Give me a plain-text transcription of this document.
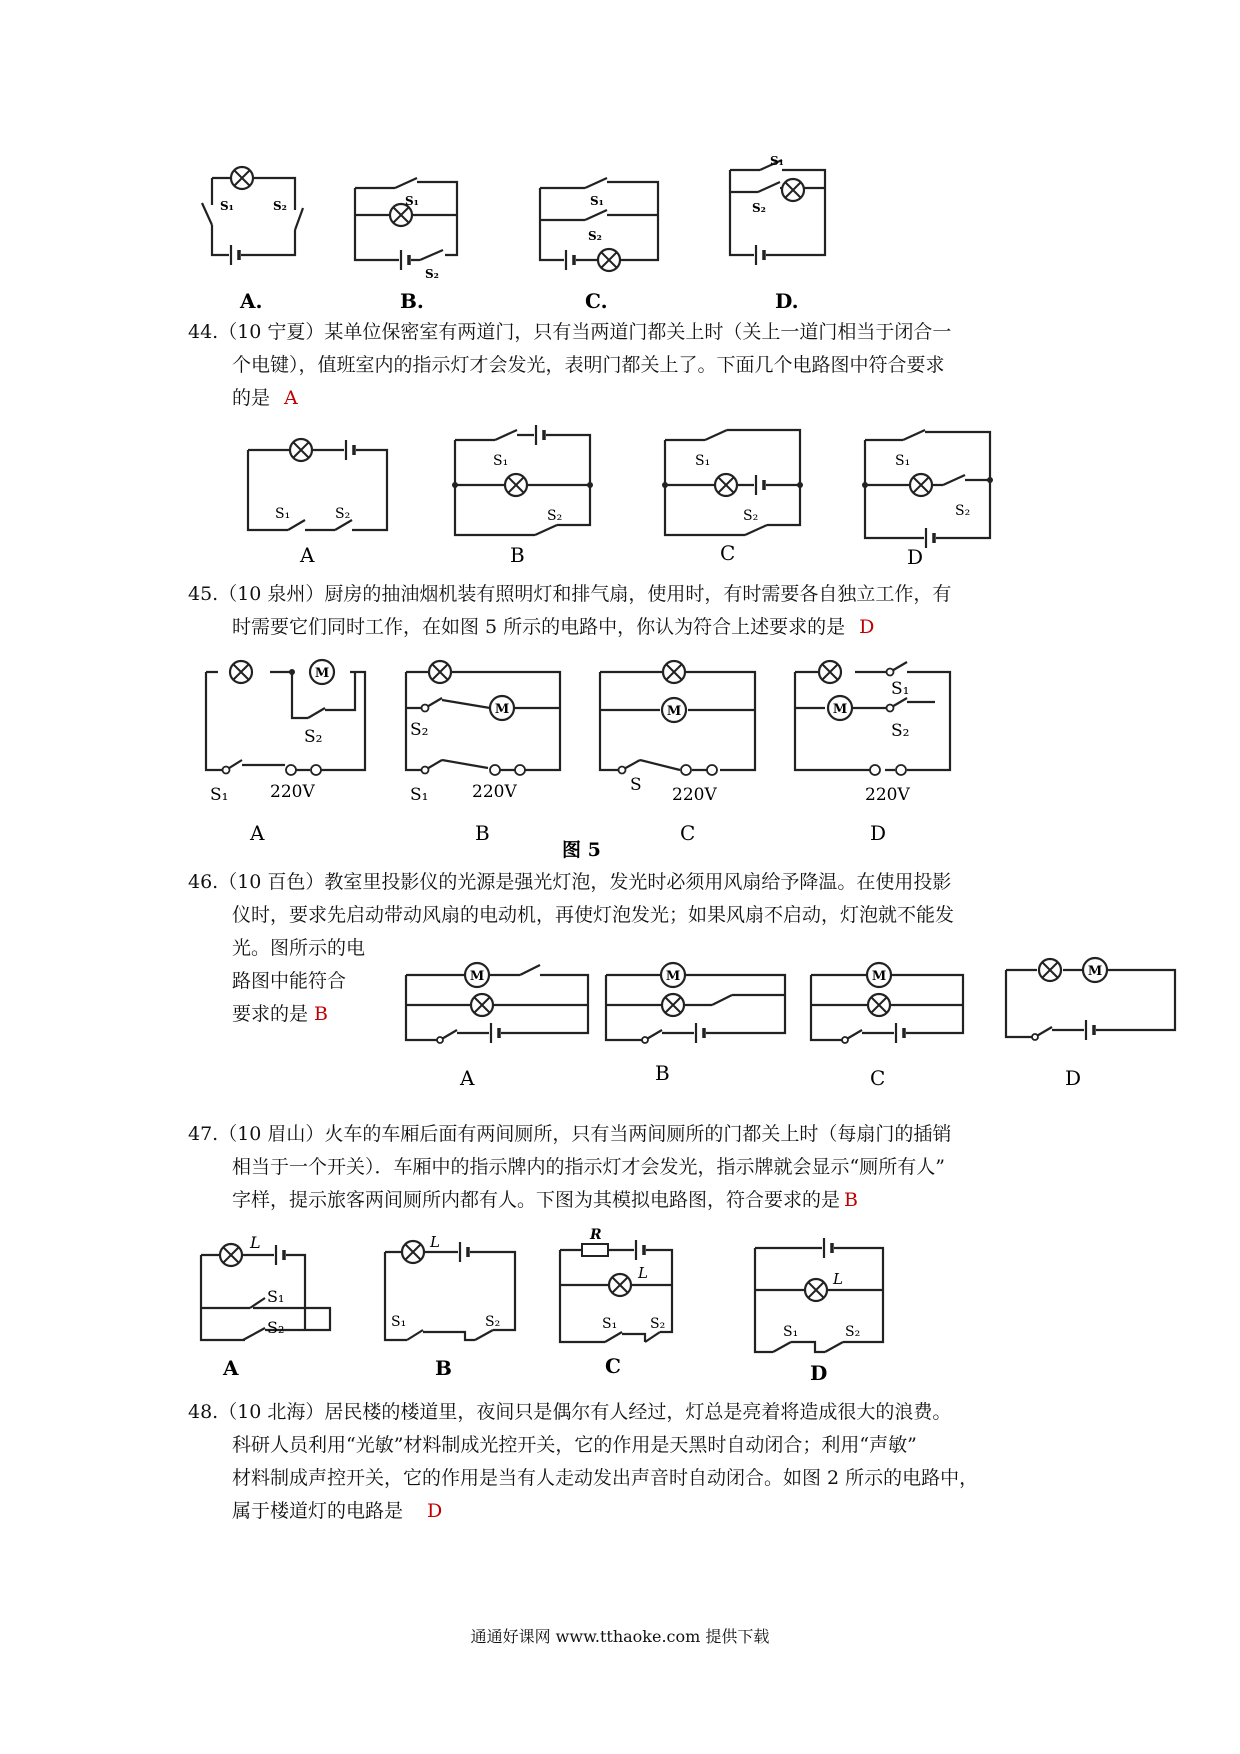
M
S₁	S₂	S₁
S₂
S₁
S₂
S₁
S₂
A.	B.	C.	D.
44.（10 宁夏）某单位保密室有两道门，只有当两道门都关上时（关上一道门相当于闭合一
个电键），值班室内的指示灯才会发光，表明门都关上了。下面几个电路图中符合要求
的是 A
S₁	S₂
A
S₁
S₂
B
S₁
S₂
C
S₁
S₂
D
45.（10 泉州）厨房的抽油烟机装有照明灯和排气扇，使用时，有时需要各自独立工作，有
时需要它们同时工作，在如图 5 所示的电路中，你认为符合上述要求的是 D
S₂
S₁ 220V
A
S₂
S₁	220V
B
S 220V
C
S₁
S₂
220V
D
图 5
46.（10 百色）教室里投影仪的光源是强光灯泡，发光时必须用风扇给予降温。在使用投影
仪时，要求先启动带动风扇的电动机，再使灯泡发光；如果风扇不启动，灯泡就不能发
光。图所示的电
路图中能符合
要求的是 B
A	B	C	D
47.（10 眉山）火车的车厢后面有两间厕所，只有当两间厕所的门都关上时（每扇门的插销
相当于一个开关）．车厢中的指示牌内的指示灯才会发光，指示牌就会显示“厕所有人”
字样，提示旅客两间厕所内都有人。下图为其模拟电路图，符合要求的是 B
L
S₁
S₂
A
L
S₁	S₂
B
R
L
S₁ S₂
C
L
S₁	S₂
D
48.（10 北海）居民楼的楼道里，夜间只是偶尔有人经过，灯总是亮着将造成很大的浪费。
科研人员利用“光敏”材料制成光控开关，它的作用是天黑时自动闭合；利用“声敏”
材料制成声控开关，它的作用是当有人走动发出声音时自动闭合。如图 2 所示的电路中，
属于楼道灯的电路是 D
通通好课网 www.tthaoke.com 提供下载
